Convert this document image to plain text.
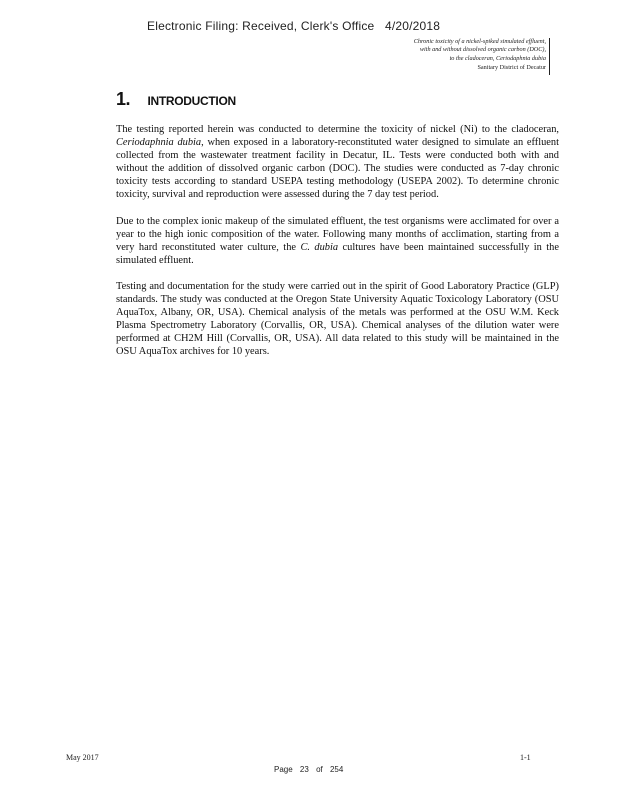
Electronic Filing: Received, Clerk's Office 4/20/2018
Chronic toxicity of a nickel-spiked simulated effluent,
with and without dissolved organic carbon (DOC),
to the cladoceran, Ceriodaphnia dubia
Sanitary District of Decatur
1. INTRODUCTION

The testing reported herein was conducted to determine the toxicity of nickel (Ni) to the cladoceran, Ceriodaphnia dubia, when exposed in a laboratory-reconstituted water designed to simulate an effluent collected from the wastewater treatment facility in Decatur, IL. Tests were conducted both with and without the addition of dissolved organic carbon (DOC). The studies were conducted as 7-day chronic toxicity tests according to standard USEPA testing methodology (USEPA 2002). To determine chronic toxicity, survival and reproduction were assessed during the 7 day test period.

Due to the complex ionic makeup of the simulated effluent, the test organisms were acclimated for over a year to the high ionic composition of the water. Following many months of acclimation, starting from a very hard reconstituted water culture, the C. dubia cultures have been maintained successfully in the simulated effluent.

Testing and documentation for the study were carried out in the spirit of Good Laboratory Practice (GLP) standards. The study was conducted at the Oregon State University Aquatic Toxicology Laboratory (OSU AquaTox, Albany, OR, USA). Chemical analysis of the metals was performed at the OSU W.M. Keck Plasma Spectrometry Laboratory (Corvallis, OR, USA). Chemical analyses of the dilution water were performed at CH2M Hill (Corvallis, OR, USA). All data related to this study will be maintained in the OSU AquaTox archives for 10 years.

May 2017	1-1
Page 23 of 254
